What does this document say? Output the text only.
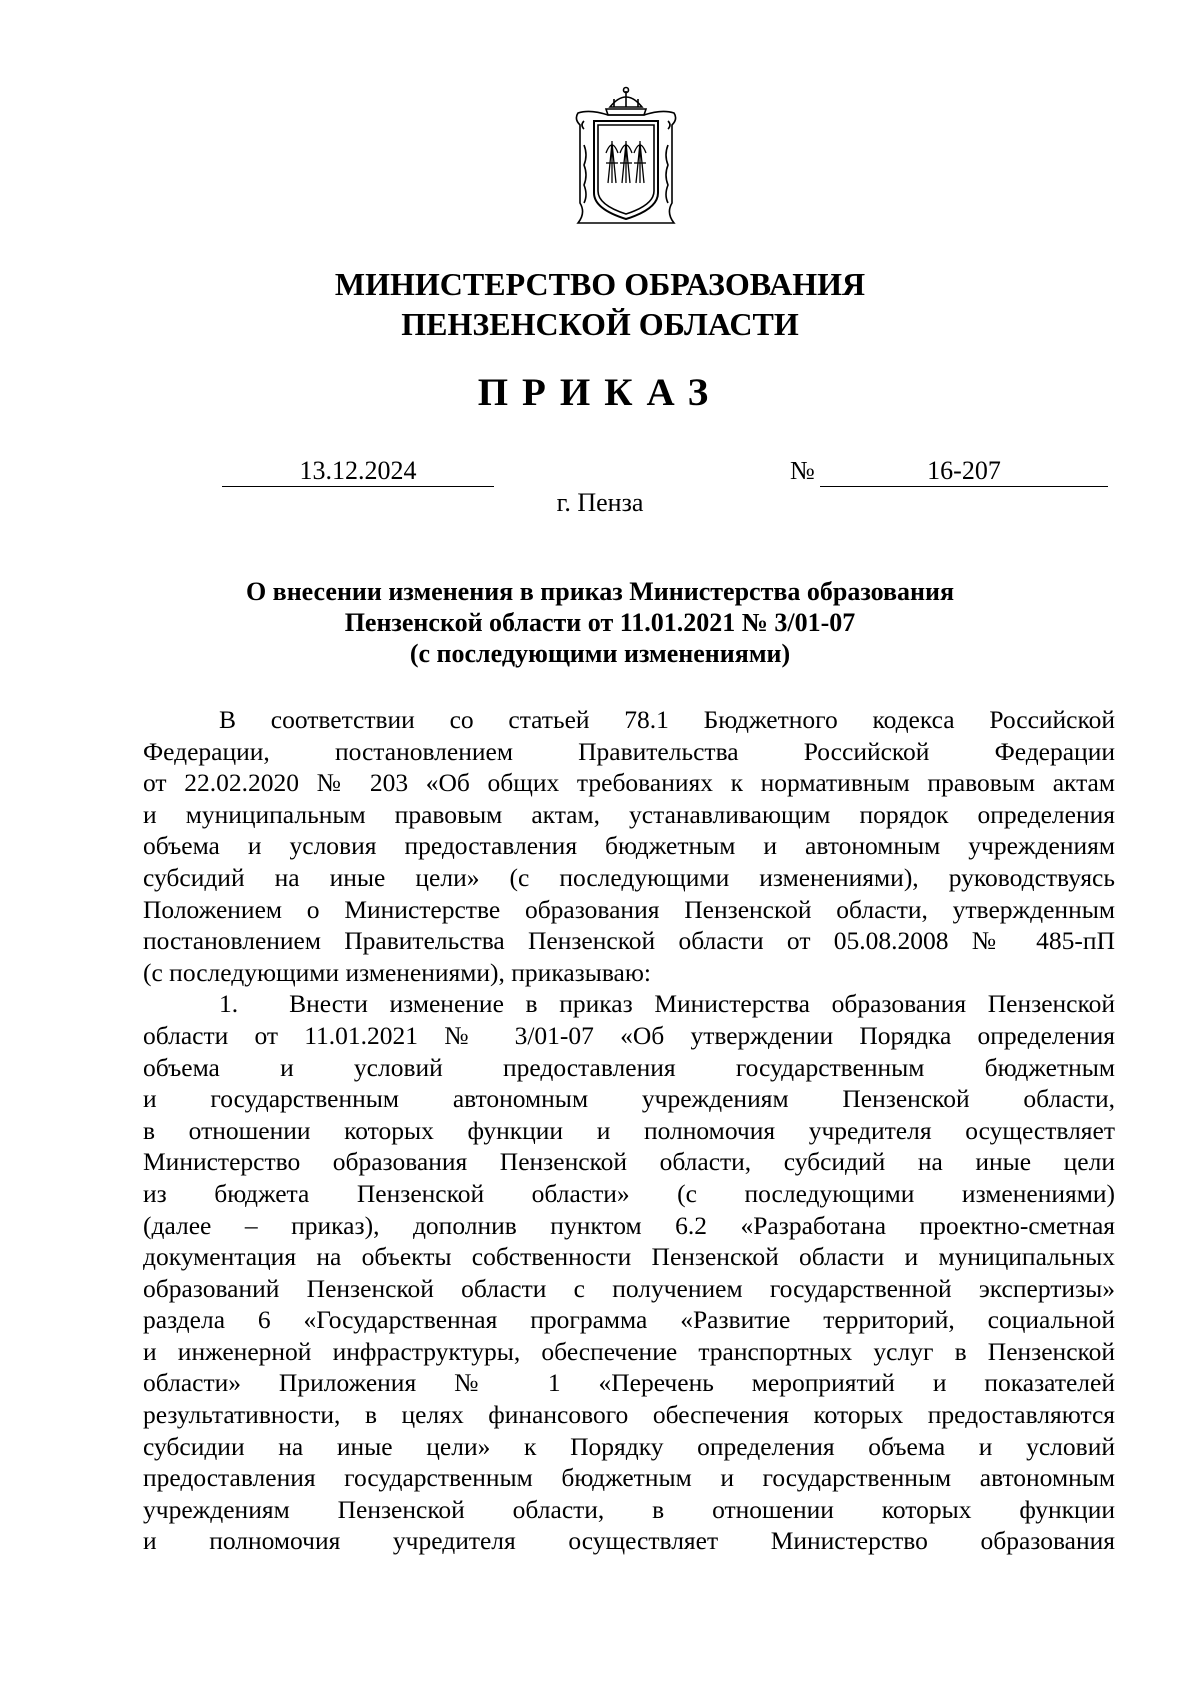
МИНИСТЕРСТВО ОБРАЗОВАНИЯ
ПЕНЗЕНСКОЙ ОБЛАСТИ
ПРИКАЗ
13.12.2024	№	16-207
г. Пенза
О внесении изменения в приказ Министерства образования
Пензенской области от 11.01.2021 № 3/01-07
(с последующими изменениями)
В соответствии со статьей 78.1 Бюджетного кодекса Российской
Федерации, постановлением Правительства Российской Федерации
от 22.02.2020 № 203 «Об общих требованиях к нормативным правовым актам
и муниципальным правовым актам, устанавливающим порядок определения
объема и условия предоставления бюджетным и автономным учреждениям
субсидий на иные цели» (с последующими изменениями), руководствуясь
Положением о Министерстве образования Пензенской области, утвержденным
постановлением Правительства Пензенской области от 05.08.2008 № 485-пП
(с последующими изменениями), приказываю:
1.  Внести изменение в приказ Министерства образования Пензенской
области от 11.01.2021 № 3/01-07 «Об утверждении Порядка определения
объема и условий предоставления государственным бюджетным
и государственным автономным учреждениям Пензенской области,
в отношении которых функции и полномочия учредителя осуществляет
Министерство образования Пензенской области, субсидий на иные цели
из бюджета Пензенской области» (с последующими изменениями)
(далее – приказ), дополнив пунктом 6.2 «Разработана проектно-сметная
документация на объекты собственности Пензенской области и муниципальных
образований Пензенской области с получением государственной экспертизы»
раздела 6 «Государственная программа «Развитие территорий, социальной
и инженерной инфраструктуры, обеспечение транспортных услуг в Пензенской
области» Приложения № 1 «Перечень мероприятий и показателей
результативности, в целях финансового обеспечения которых предоставляются
субсидии на иные цели» к Порядку определения объема и условий
предоставления государственным бюджетным и государственным автономным
учреждениям Пензенской области, в отношении которых функции
и полномочия учредителя осуществляет Министерство образования
